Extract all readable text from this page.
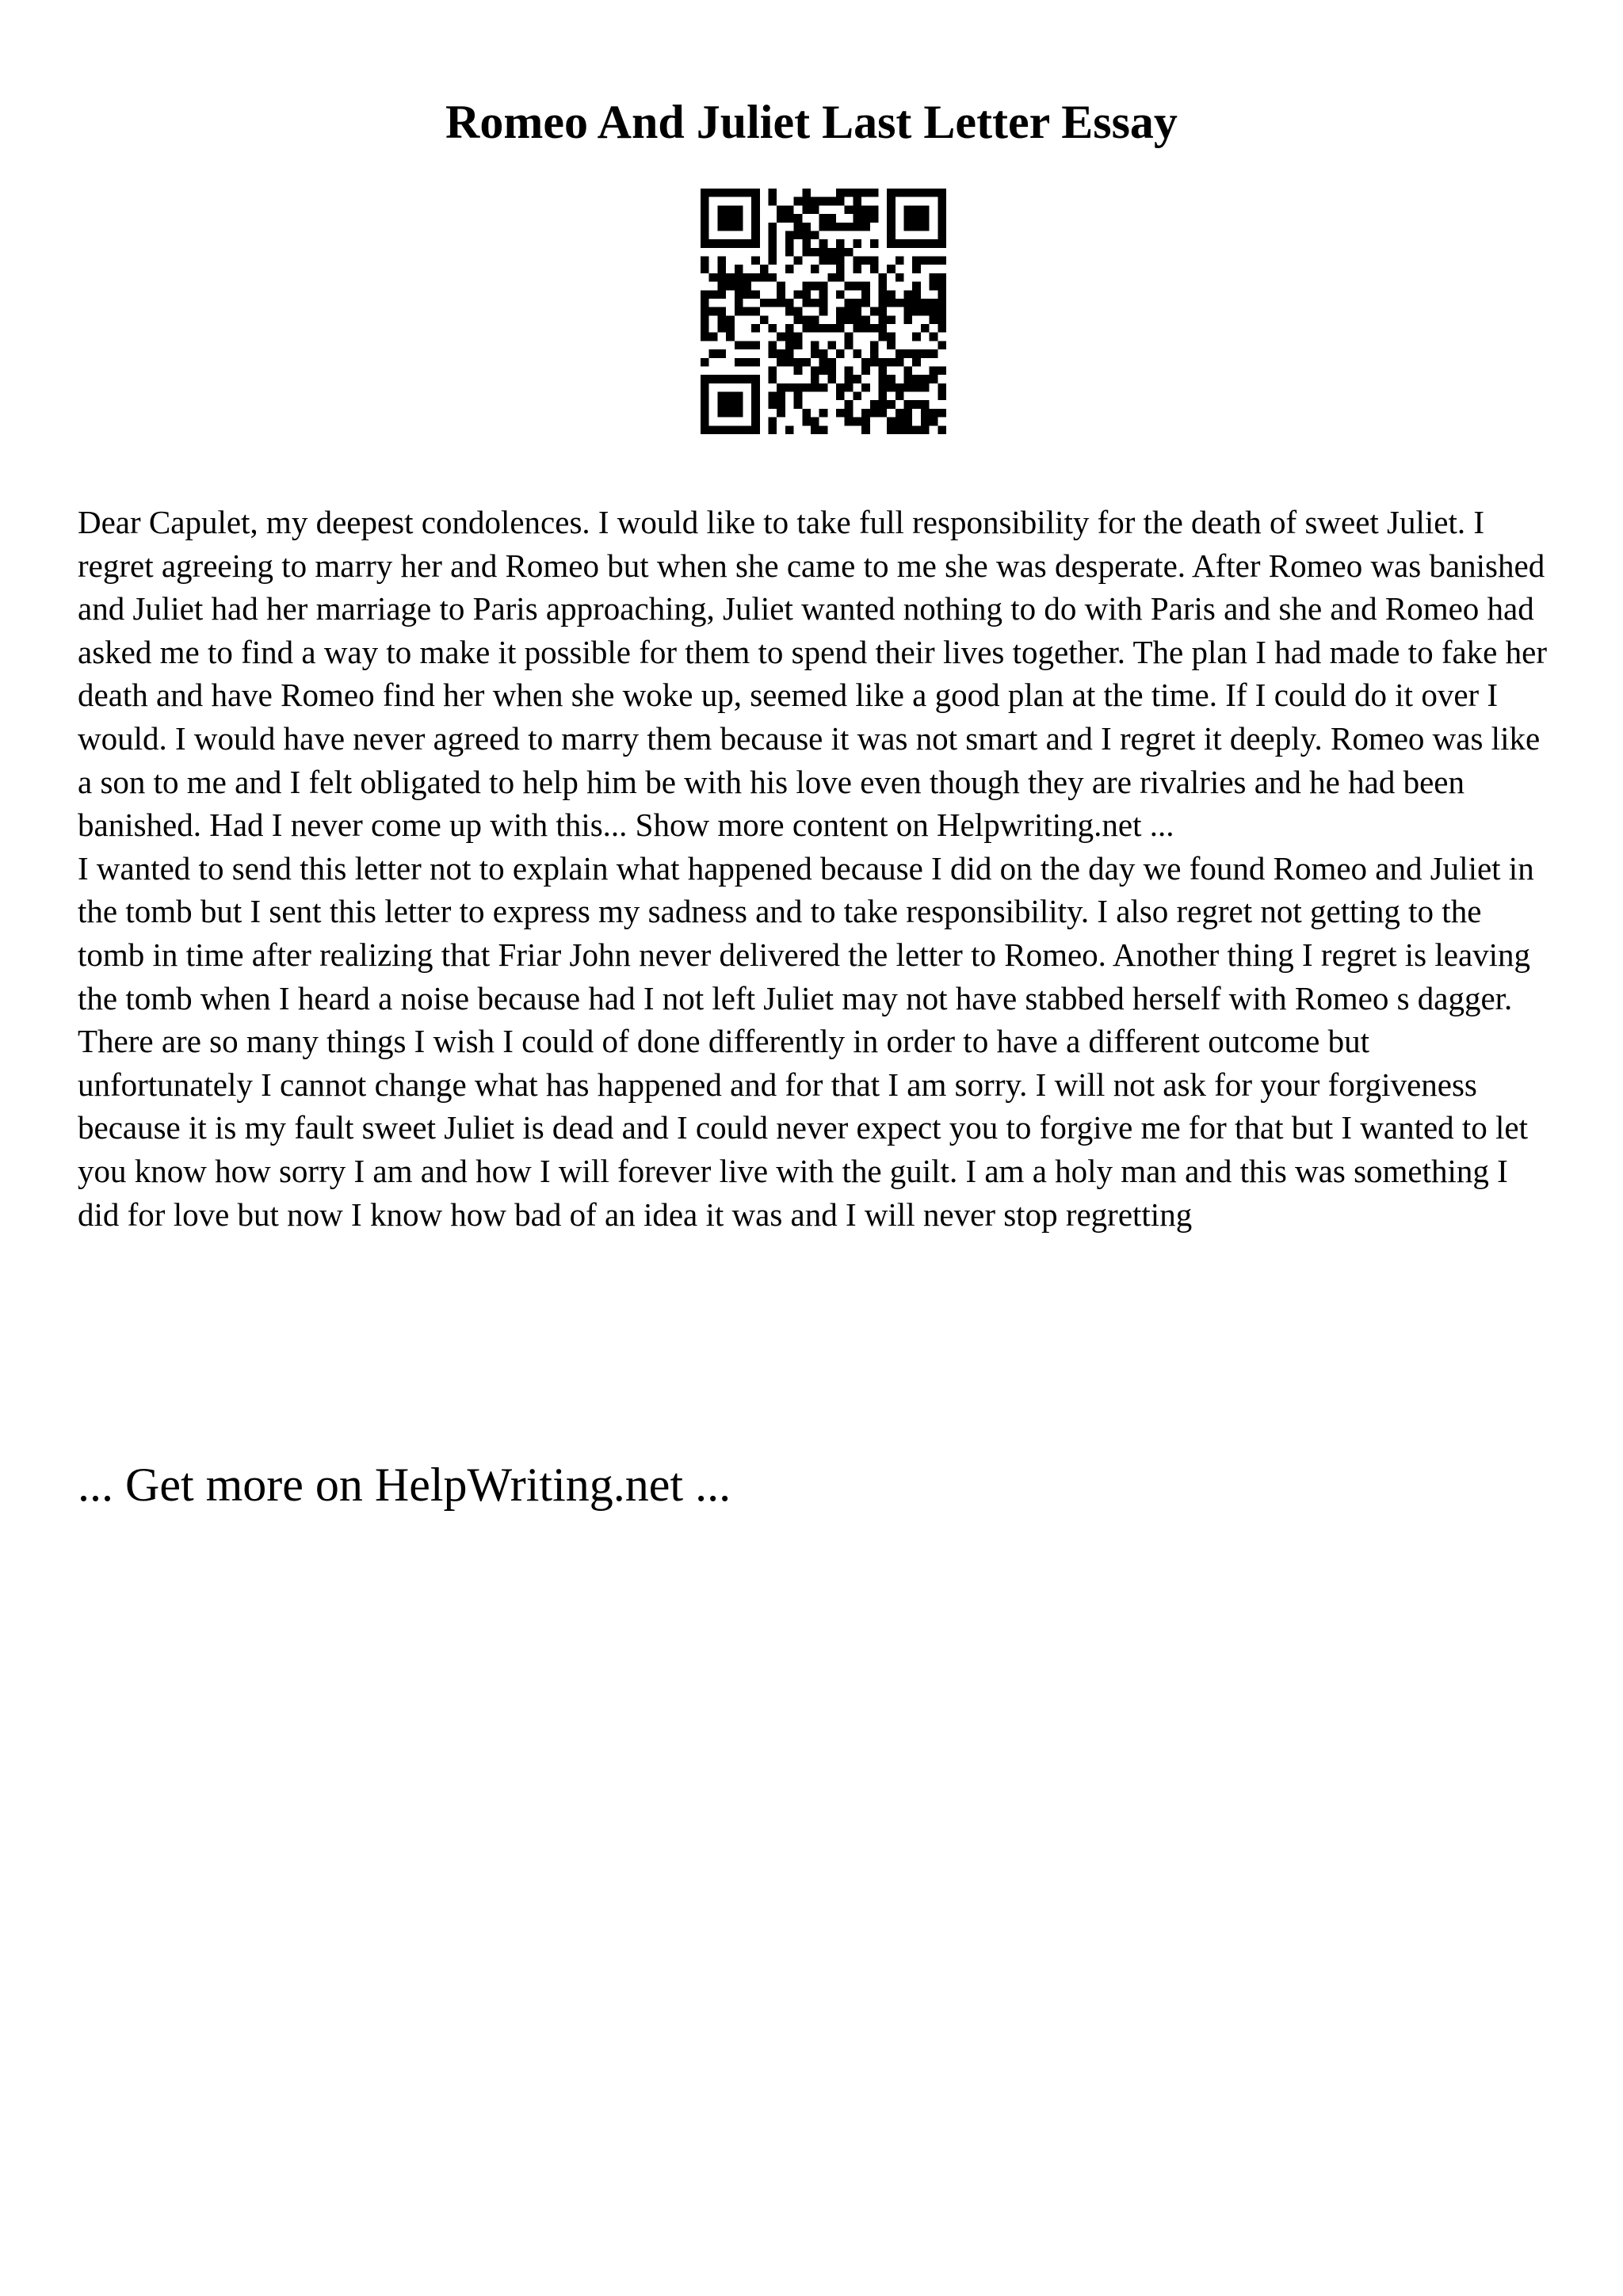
Romeo And Juliet Last Letter Essay

Dear Capulet, my deepest condolences. I would like to take full responsibility for the death of sweet Juliet. I regret agreeing to marry her and Romeo but when she came to me she was desperate. After Romeo was banished and Juliet had her marriage to Paris approaching, Juliet wanted nothing to do with Paris and she and Romeo had asked me to find a way to make it possible for them to spend their lives together. The plan I had made to fake her death and have Romeo find her when she woke up, seemed like a good plan at the time. If I could do it over I would. I would have never agreed to marry them because it was not smart and I regret it deeply. Romeo was like a son to me and I felt obligated to help him be with his love even though they are rivalries and he had been banished. Had I never come up with this... Show more content on Helpwriting.net ...

I wanted to send this letter not to explain what happened because I did on the day we found Romeo and Juliet in the tomb but I sent this letter to express my sadness and to take responsibility. I also regret not getting to the tomb in time after realizing that Friar John never delivered the letter to Romeo. Another thing I regret is leaving the tomb when I heard a noise because had I not left Juliet may not have stabbed herself with Romeo s dagger. There are so many things I wish I could of done differently in order to have a different outcome but unfortunately I cannot change what has happened and for that I am sorry. I will not ask for your forgiveness because it is my fault sweet Juliet is dead and I could never expect you to forgive me for that but I wanted to let you know how sorry I am and how I will forever live with the guilt. I am a holy man and this was something I did for love but now I know how bad of an idea it was and I will never stop regretting

... Get more on HelpWriting.net ...
